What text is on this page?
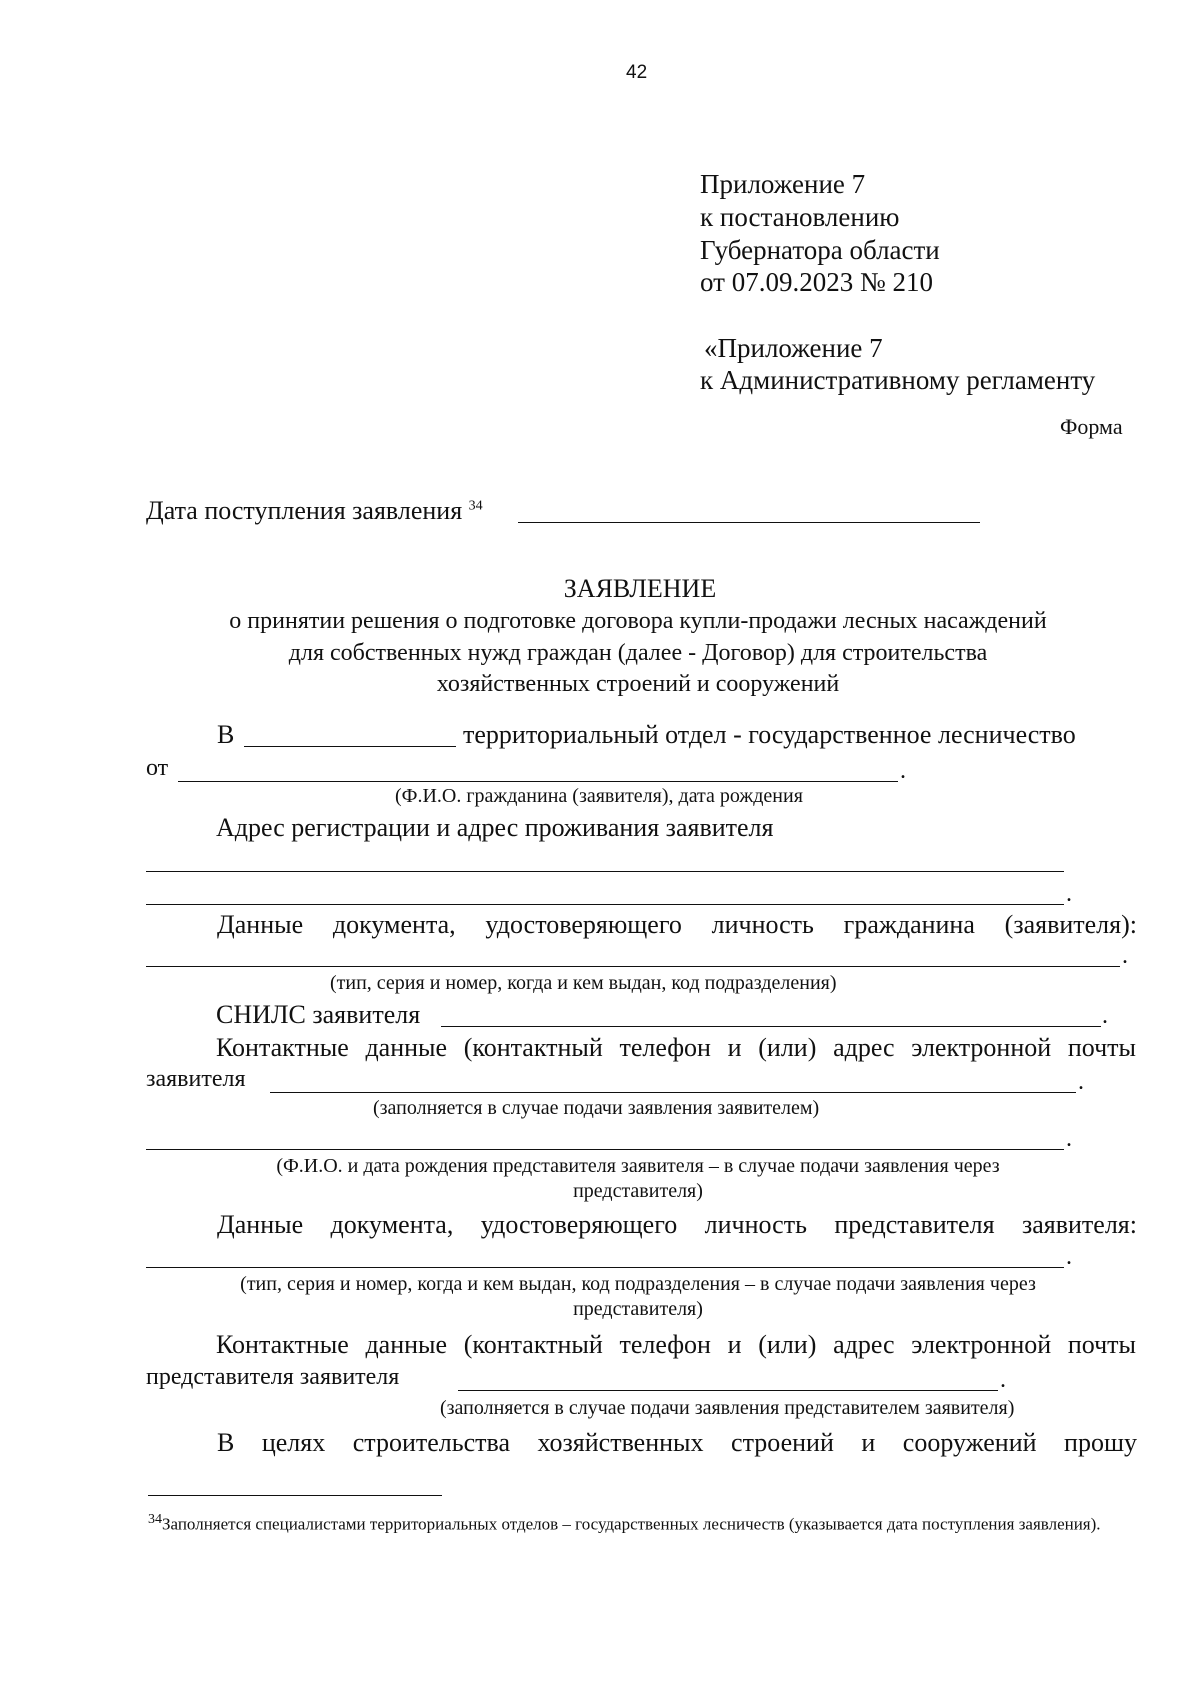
42
Приложение 7
к постановлению
Губернатора области
от 07.09.2023 № 210
«Приложение 7
к Административному регламенту
Форма
Дата поступления заявления $^{34}$
ЗАЯВЛЕНИЕ
о принятии решения о подготовке договора купли-продажи лесных насаждений
для собственных нужд граждан (далее - Договор) для строительства
хозяйственных строений и сооружений
В	территориальный отдел - государственное лесничество
от	.
(Ф.И.О. гражданина (заявителя), дата рождения
Адрес регистрации и адрес проживания заявителя
.
Данные документа, удостоверяющего личность гражданина (заявителя):
.
(тип, серия и номер, когда и кем выдан, код подразделения)
СНИЛС заявителя	.
Контактные данные (контактный телефон и (или) адрес электронной почты
заявителя	.
(заполняется в случае подачи заявления заявителем)
.
(Ф.И.О. и дата рождения представителя заявителя – в случае подачи заявления через
представителя)
Данные документа, удостоверяющего личность представителя заявителя:
.
(тип, серия и номер, когда и кем выдан, код подразделения – в случае подачи заявления через
представителя)
Контактные данные (контактный телефон и (или) адрес электронной почты
представителя заявителя	.
(заполняется в случае подачи заявления представителем заявителя)
В целях строительства хозяйственных строений и сооружений прошу
$^{34}$Заполняется специалистами территориальных отделов – государственных лесничеств (указывается дата поступления заявления).
